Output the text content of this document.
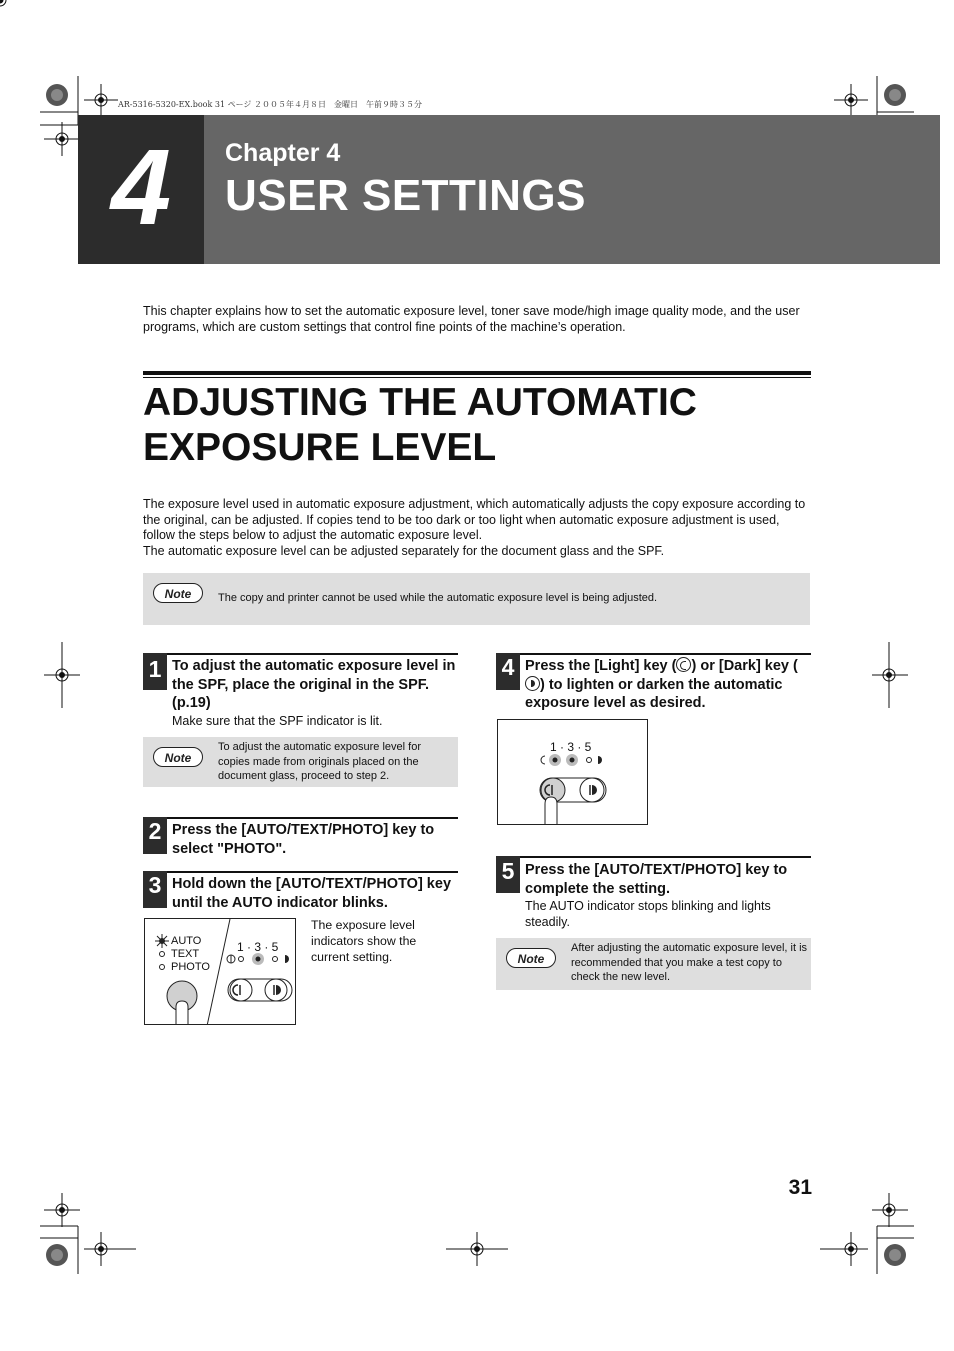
AR-5316-5320-EX.book 31 ページ ２００５年４月８日　金曜日　午前９時３５分
4	Chapter 4
USER SETTINGS
This chapter explains how to set the automatic exposure level, toner save mode/high image quality mode, and the user programs, which are custom settings that control fine points of the machine’s operation.
ADJUSTING THE AUTOMATIC
EXPOSURE LEVEL
The exposure level used in automatic exposure adjustment, which automatically adjusts the copy exposure according to the original, can be adjusted. If copies tend to be too dark or too light when automatic exposure adjustment is used, follow the steps below to adjust the automatic exposure level.
The automatic exposure level can be adjusted separately for the document glass and the SPF.
Note	The copy and printer cannot be used while the automatic exposure level is being adjusted.
1 To adjust the automatic exposure level in the SPF, place the original in the SPF. (p.19)
Make sure that the SPF indicator is lit.
Note
To adjust the automatic exposure level for copies made from originals placed on the document glass, proceed to step 2.
2 Press the [AUTO/TEXT/PHOTO] key to select "PHOTO".
3 Hold down the [AUTO/TEXT/PHOTO] key until the AUTO indicator blinks.
AUTO
TEXT
PHOTO
1 · 3 · 5
The exposure level indicators show the current setting.
4 Press the [Light] key ( ) or [Dark] key (
) to lighten or darken the automatic exposure level as desired.
1 · 3 · 5
5 Press the [AUTO/TEXT/PHOTO] key to complete the setting.
The AUTO indicator stops blinking and lights steadily.
Note
After adjusting the automatic exposure level, it is recommended that you make a test copy to check the new level.
31
